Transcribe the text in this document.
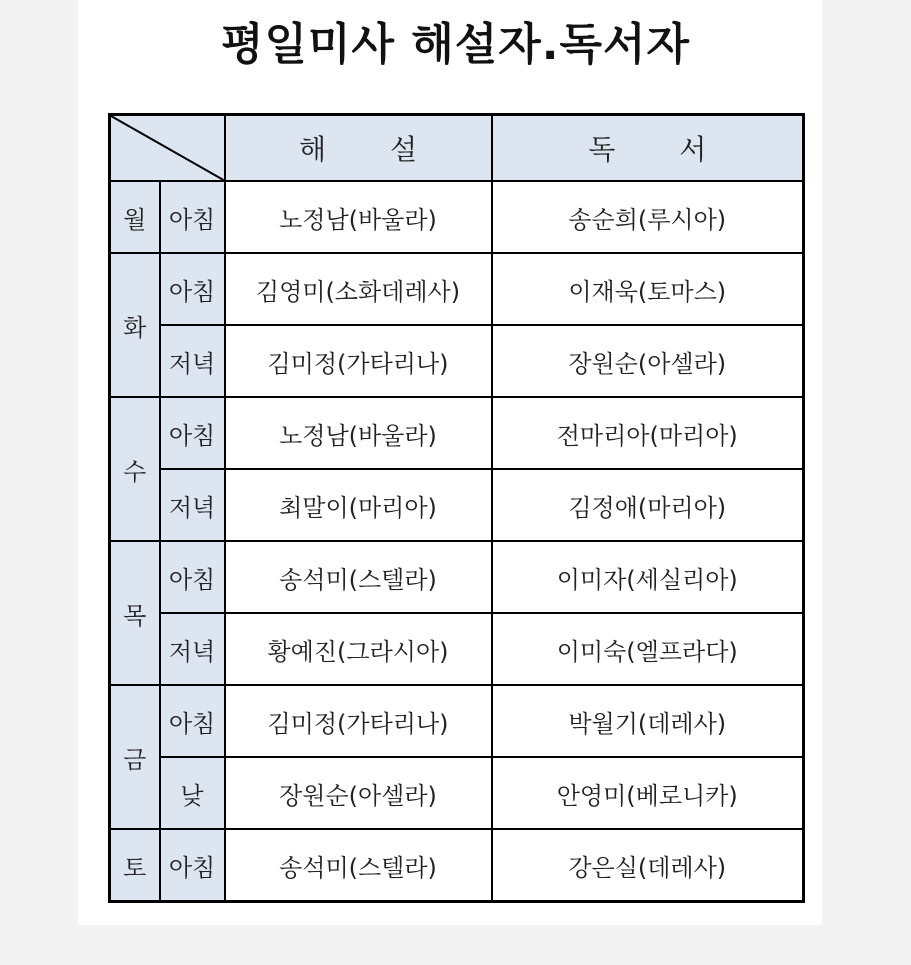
평일미사 해설자.독서자
	해 설	독 서
월	아침	노정남(바울라)	송순희(루시아)
화	아침	김영미(소화데레사)	이재욱(토마스)
	저녁	김미정(가타리나)	장원순(아셀라)
수	아침	노정남(바울라)	전마리아(마리아)
	저녁	최말이(마리아)	김정애(마리아)
목	아침	송석미(스텔라)	이미자(세실리아)
	저녁	황예진(그라시아)	이미숙(엘프라다)
금	아침	김미정(가타리나)	박월기(데레사)
	낮	장원순(아셀라)	안영미(베로니카)
토	아침	송석미(스텔라)	강은실(데레사)
